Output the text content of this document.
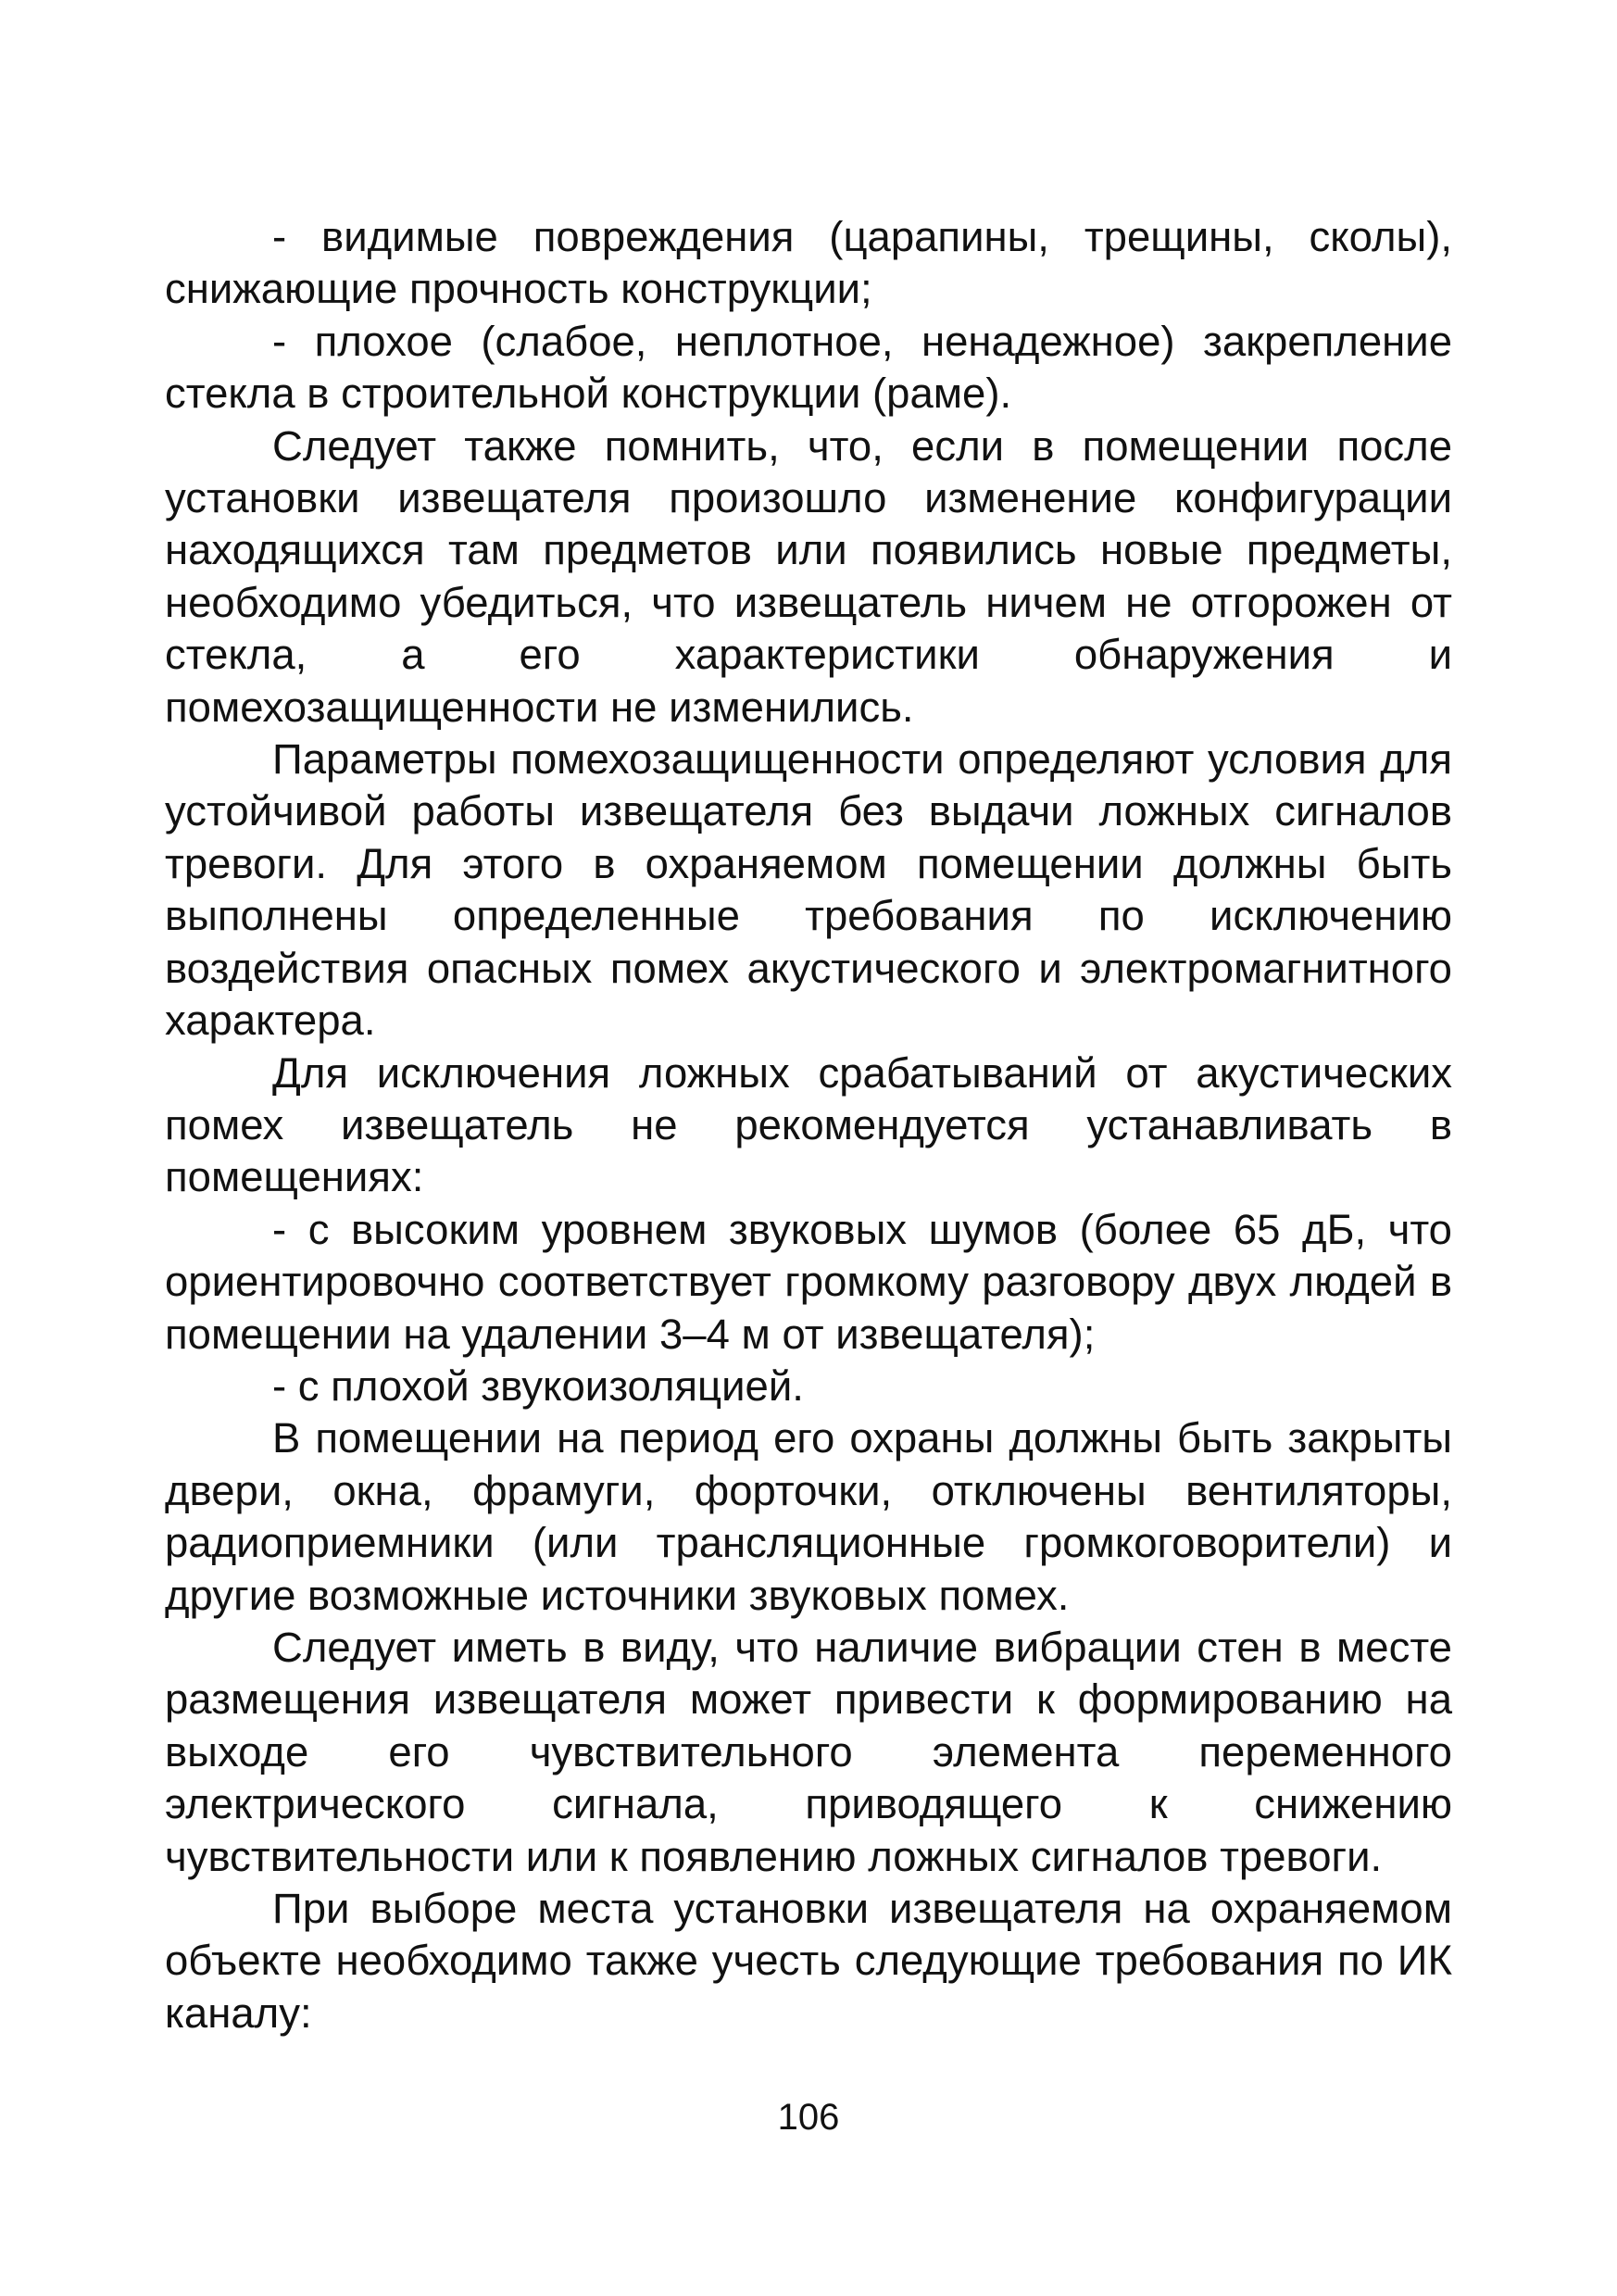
- видимые повреждения (царапины, трещины, сколы), снижающие прочность конструкции;

- плохое (слабое, неплотное, ненадежное) закрепление стекла в строительной конструкции (раме).

Следует также помнить, что, если в помещении после установки извещателя произошло изменение конфигурации находящихся там предметов или появились новые предметы, необходимо убедиться, что извещатель ничем не отгорожен от стекла, а его характеристики обнаружения и помехозащищенности не изменились.

Параметры помехозащищенности определяют условия для устойчивой работы извещателя без выдачи ложных сигналов тревоги. Для этого в охраняемом помещении должны быть выполнены определенные требования по исключению воздействия опасных помех акустического и электромагнитного характера.

Для исключения ложных срабатываний от акустических помех извещатель не рекомендуется устанавливать в помещениях:

- с высоким уровнем звуковых шумов (более 65 дБ, что ориентировочно соответствует громкому разговору двух людей в помещении на удалении 3–4 м от извещателя);

- с плохой звукоизоляцией.

В помещении на период его охраны должны быть закрыты двери, окна, фрамуги, форточки, отключены вентиляторы, радиоприемники (или трансляционные громкоговорители) и другие возможные источники звуковых помех.

Следует иметь в виду, что наличие вибрации стен в месте размещения извещателя может привести к формированию на выходе его чувствительного элемента переменного электрического сигнала, приводящего к снижению чувствительности или к появлению ложных сигналов тревоги.

При выборе места установки извещателя на охраняемом объекте необходимо также учесть следующие требования по ИК каналу:

106
